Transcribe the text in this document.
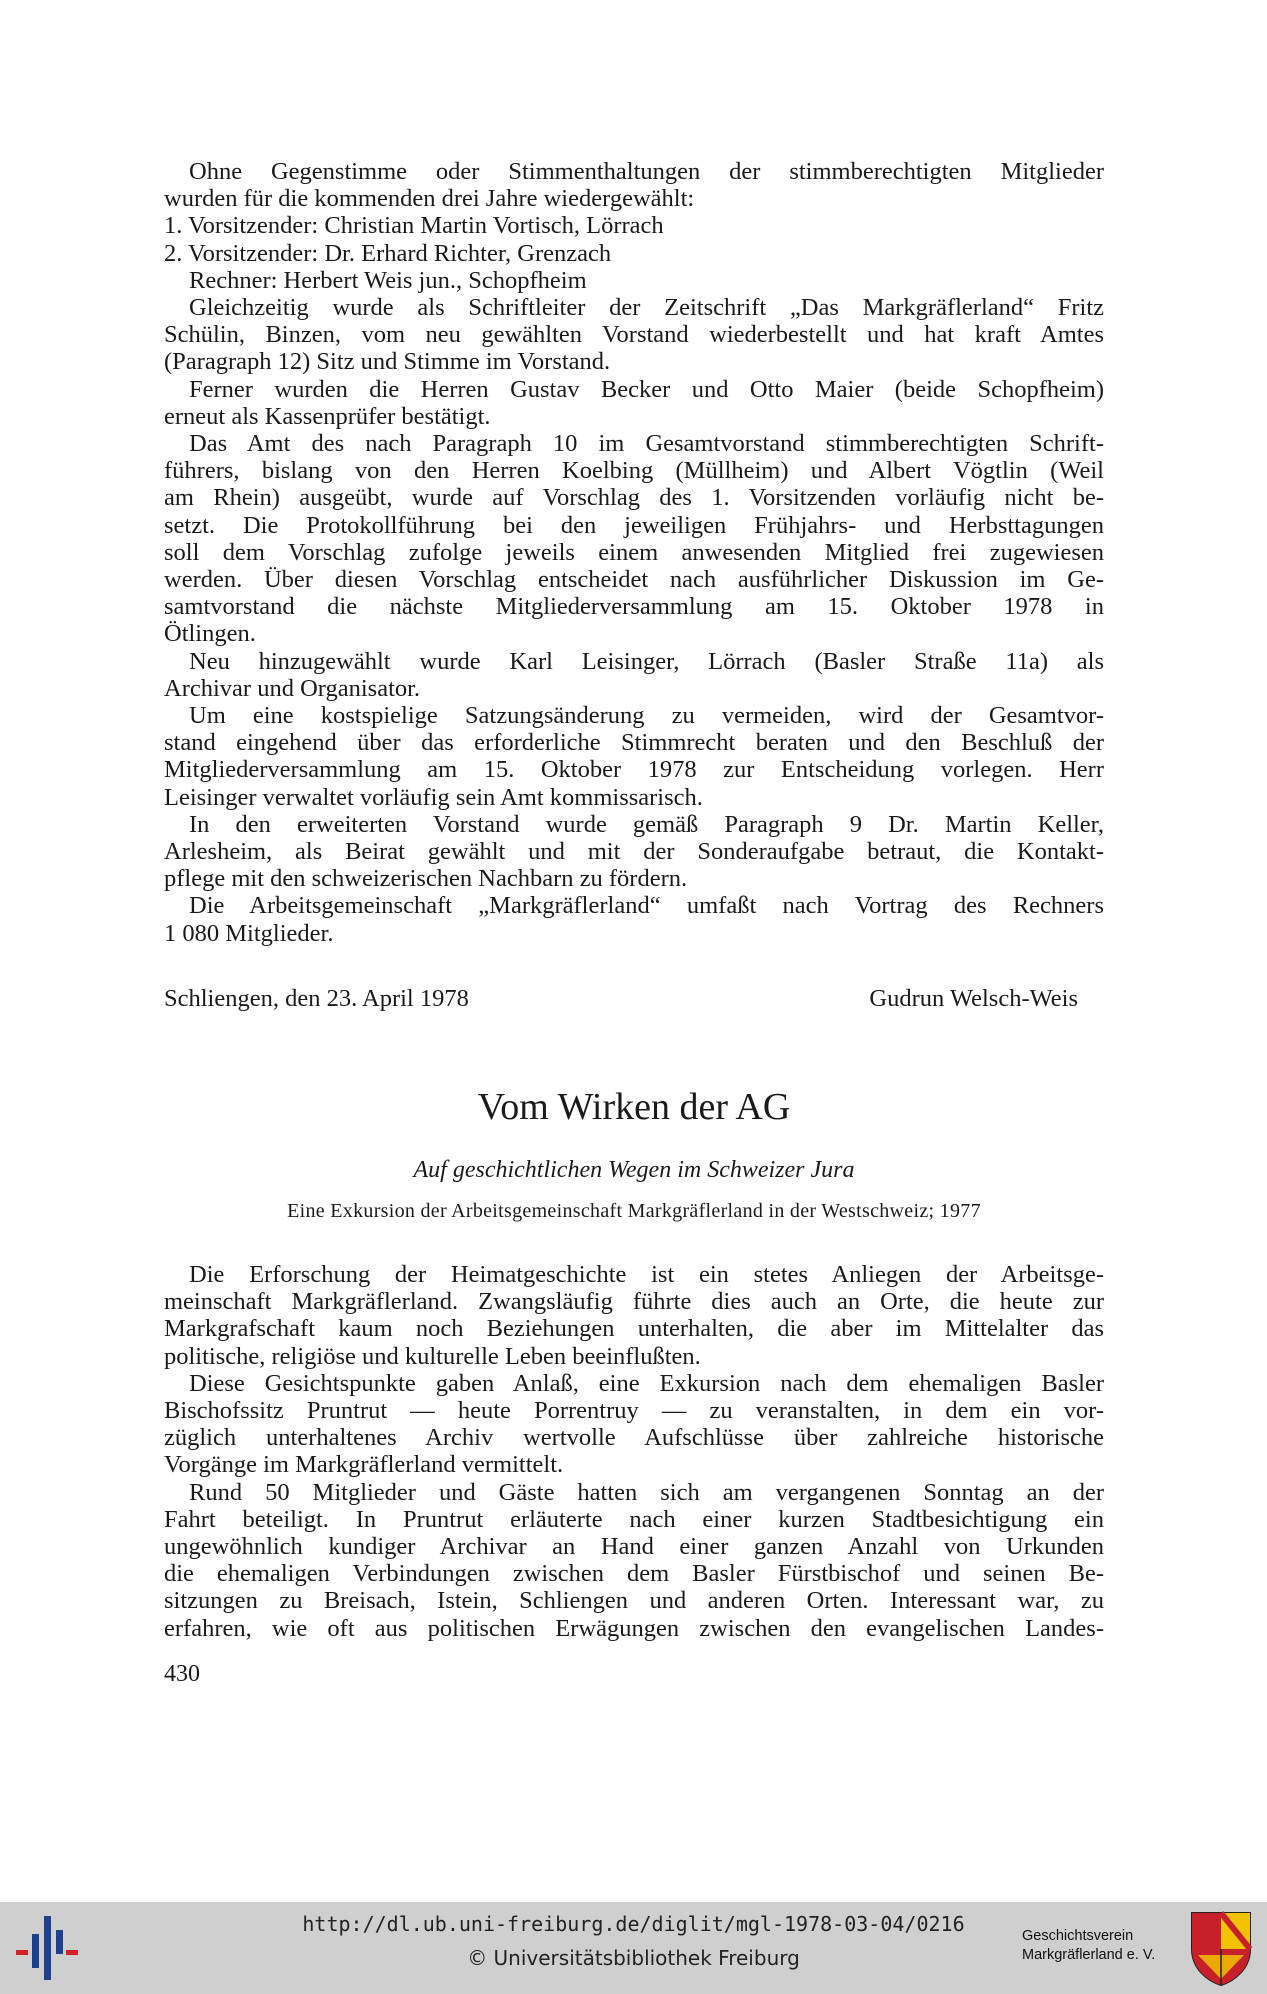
Ohne Gegenstimme oder Stimmenthaltungen der stimmberechtigten Mitglieder
wurden für die kommenden drei Jahre wiedergewählt:
1. Vorsitzender: Christian Martin Vortisch, Lörrach
2. Vorsitzender: Dr. Erhard Richter, Grenzach
Rechner: Herbert Weis jun., Schopfheim
Gleichzeitig wurde als Schriftleiter der Zeitschrift „Das Markgräflerland“ Fritz
Schülin, Binzen, vom neu gewählten Vorstand wiederbestellt und hat kraft Amtes
(Paragraph 12) Sitz und Stimme im Vorstand.
Ferner wurden die Herren Gustav Becker und Otto Maier (beide Schopfheim)
erneut als Kassenprüfer bestätigt.
Das Amt des nach Paragraph 10 im Gesamtvorstand stimmberechtigten Schrift-
führers, bislang von den Herren Koelbing (Müllheim) und Albert Vögtlin (Weil
am Rhein) ausgeübt, wurde auf Vorschlag des 1. Vorsitzenden vorläufig nicht be-
setzt. Die Protokollführung bei den jeweiligen Frühjahrs- und Herbsttagungen
soll dem Vorschlag zufolge jeweils einem anwesenden Mitglied frei zugewiesen
werden. Über diesen Vorschlag entscheidet nach ausführlicher Diskussion im Ge-
samtvorstand die nächste Mitgliederversammlung am 15. Oktober 1978 in
Ötlingen.
Neu hinzugewählt wurde Karl Leisinger, Lörrach (Basler Straße 11a) als
Archivar und Organisator.
Um eine kostspielige Satzungsänderung zu vermeiden, wird der Gesamtvor-
stand eingehend über das erforderliche Stimmrecht beraten und den Beschluß der
Mitgliederversammlung am 15. Oktober 1978 zur Entscheidung vorlegen. Herr
Leisinger verwaltet vorläufig sein Amt kommissarisch.
In den erweiterten Vorstand wurde gemäß Paragraph 9 Dr. Martin Keller,
Arlesheim, als Beirat gewählt und mit der Sonderaufgabe betraut, die Kontakt-
pflege mit den schweizerischen Nachbarn zu fördern.
Die Arbeitsgemeinschaft „Markgräflerland“ umfaßt nach Vortrag des Rechners
1 080 Mitglieder.
Schliengen, den 23. April 1978	Gudrun Welsch-Weis
Vom Wirken der AG
Auf geschichtlichen Wegen im Schweizer Jura
Eine Exkursion der Arbeitsgemeinschaft Markgräflerland in der Westschweiz; 1977
Die Erforschung der Heimatgeschichte ist ein stetes Anliegen der Arbeitsge-
meinschaft Markgräflerland. Zwangsläufig führte dies auch an Orte, die heute zur
Markgrafschaft kaum noch Beziehungen unterhalten, die aber im Mittelalter das
politische, religiöse und kulturelle Leben beeinflußten.
Diese Gesichtspunkte gaben Anlaß, eine Exkursion nach dem ehemaligen Basler
Bischofssitz Pruntrut — heute Porrentruy — zu veranstalten, in dem ein vor-
züglich unterhaltenes Archiv wertvolle Aufschlüsse über zahlreiche historische
Vorgänge im Markgräflerland vermittelt.
Rund 50 Mitglieder und Gäste hatten sich am vergangenen Sonntag an der
Fahrt beteiligt. In Pruntrut erläuterte nach einer kurzen Stadtbesichtigung ein
ungewöhnlich kundiger Archivar an Hand einer ganzen Anzahl von Urkunden
die ehemaligen Verbindungen zwischen dem Basler Fürstbischof und seinen Be-
sitzungen zu Breisach, Istein, Schliengen und anderen Orten. Interessant war, zu
erfahren, wie oft aus politischen Erwägungen zwischen den evangelischen Landes-
430
http://dl.ub.uni-freiburg.de/diglit/mgl-1978-03-04/0216
© Universitätsbibliothek Freiburg
Geschichtsverein
Markgräflerland e. V.
